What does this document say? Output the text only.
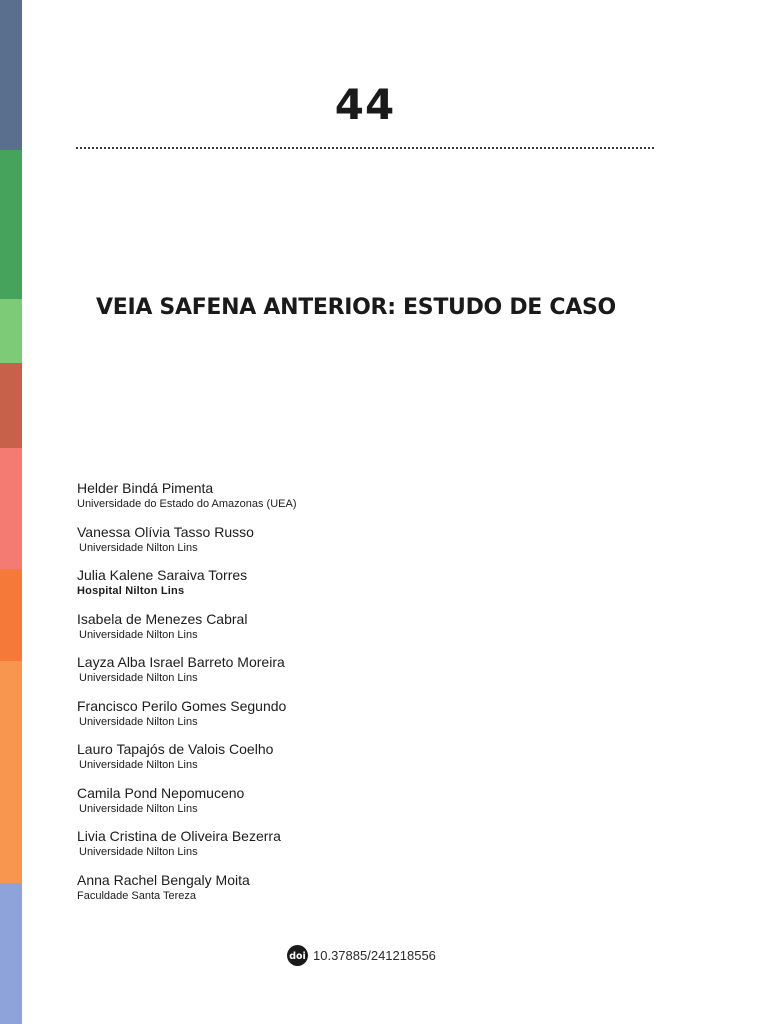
44
VEIA SAFENA ANTERIOR: ESTUDO DE CASO
Helder Bindá Pimenta
Universidade do Estado do Amazonas (UEA)
Vanessa Olívia Tasso Russo
Universidade Nilton Lins
Julia Kalene Saraiva Torres
Hospital Nilton Lins
Isabela de Menezes Cabral
Universidade Nilton Lins
Layza Alba Israel Barreto Moreira
Universidade Nilton Lins
Francisco Perilo Gomes Segundo
Universidade Nilton Lins
Lauro Tapajós de Valois Coelho
Universidade Nilton Lins
Camila Pond Nepomuceno
Universidade Nilton Lins
Livia Cristina de Oliveira Bezerra
Universidade Nilton Lins
Anna Rachel Bengaly Moita
Faculdade Santa Tereza
doi 10.37885/241218556
